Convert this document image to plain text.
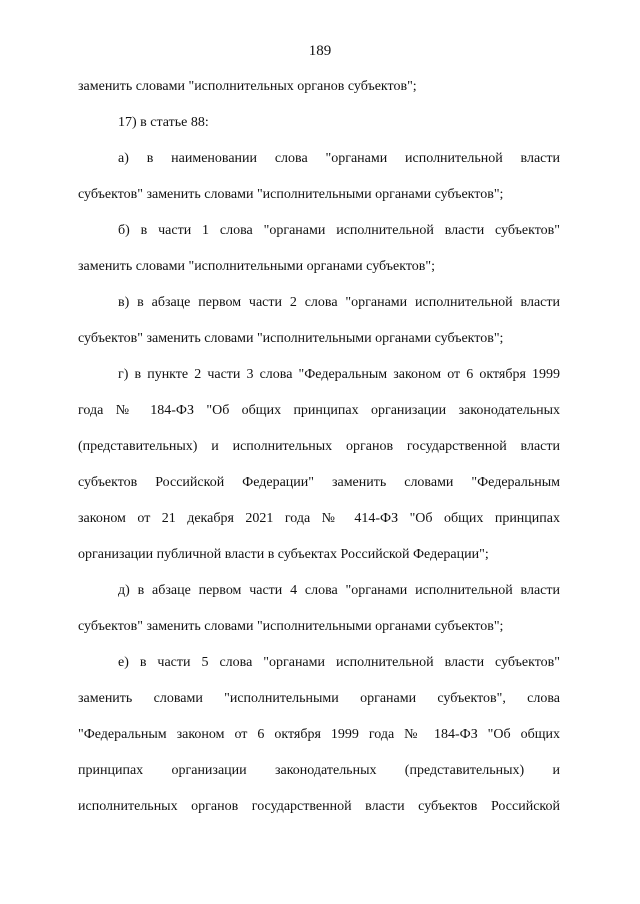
189
заменить словами "исполнительных органов субъектов";
17) в статье 88:
а) в наименовании слова "органами исполнительной власти
субъектов" заменить словами "исполнительными органами субъектов";
б) в части 1 слова "органами исполнительной власти субъектов"
заменить словами "исполнительными органами субъектов";
в) в абзаце первом части 2 слова "органами исполнительной власти
субъектов" заменить словами "исполнительными органами субъектов";
г) в пункте 2 части 3 слова "Федеральным законом от 6 октября 1999
года № 184-ФЗ "Об общих принципах организации законодательных
(представительных) и исполнительных органов государственной власти
субъектов Российской Федерации" заменить словами "Федеральным
законом от 21 декабря 2021 года № 414-ФЗ "Об общих принципах
организации публичной власти в субъектах Российской Федерации";
д) в абзаце первом части 4 слова "органами исполнительной власти
субъектов" заменить словами "исполнительными органами субъектов";
е) в части 5 слова "органами исполнительной власти субъектов"
заменить словами "исполнительными органами субъектов", слова
"Федеральным законом от 6 октября 1999 года № 184-ФЗ "Об общих
принципах организации законодательных (представительных) и
исполнительных органов государственной власти субъектов Российской
